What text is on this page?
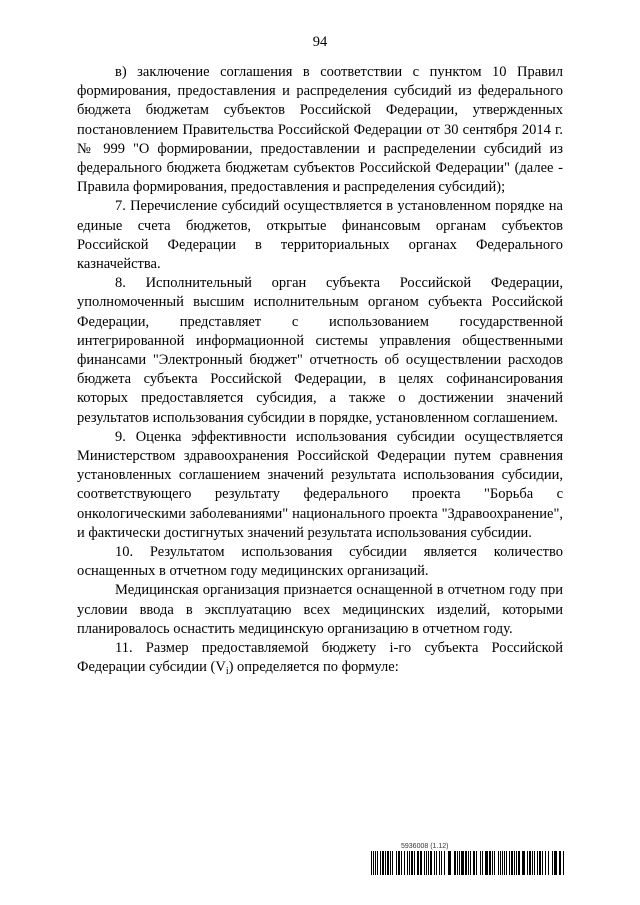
94

в) заключение соглашения в соответствии с пунктом 10 Правил формирования, предоставления и распределения субсидий из федерального бюджета бюджетам субъектов Российской Федерации, утвержденных постановлением Правительства Российской Федерации от 30 сентября 2014 г. № 999 "О формировании, предоставлении и распределении субсидий из федерального бюджета бюджетам субъектов Российской Федерации" (далее - Правила формирования, предоставления и распределения субсидий);

7. Перечисление субсидий осуществляется в установленном порядке на единые счета бюджетов, открытые финансовым органам субъектов Российской Федерации в территориальных органах Федерального казначейства.

8. Исполнительный орган субъекта Российской Федерации, уполномоченный высшим исполнительным органом субъекта Российской Федерации, представляет с использованием государственной интегрированной информационной системы управления общественными финансами "Электронный бюджет" отчетность об осуществлении расходов бюджета субъекта Российской Федерации, в целях софинансирования которых предоставляется субсидия, а также о достижении значений результатов использования субсидии в порядке, установленном соглашением.

9. Оценка эффективности использования субсидии осуществляется Министерством здравоохранения Российской Федерации путем сравнения установленных соглашением значений результата использования субсидии, соответствующего результату федерального проекта "Борьба с онкологическими заболеваниями" национального проекта "Здравоохранение", и фактически достигнутых значений результата использования субсидии.

10. Результатом использования субсидии является количество оснащенных в отчетном году медицинских организаций.

Медицинская организация признается оснащенной в отчетном году при условии ввода в эксплуатацию всех медицинских изделий, которыми планировалось оснастить медицинскую организацию в отчетном году.

11. Размер предоставляемой бюджету i-го субъекта Российской Федерации субсидии $(V_i)$ определяется по формуле:

5936008 (1.12)
